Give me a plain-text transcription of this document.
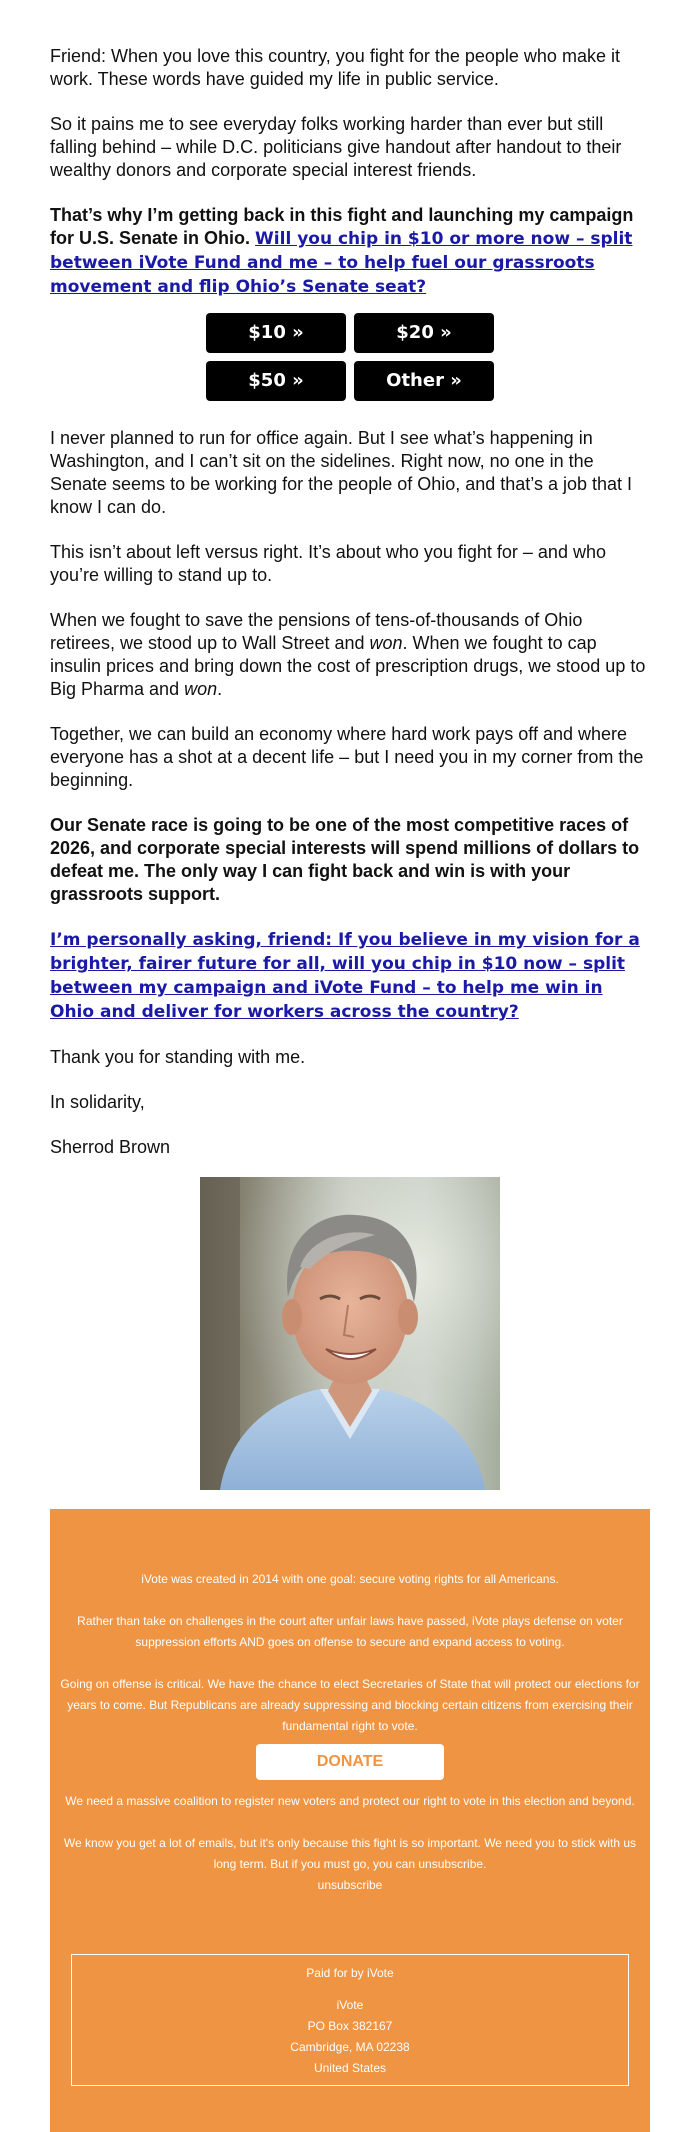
Friend: When you love this country, you fight for the people who make it work. These words have guided my life in public service.

So it pains me to see everyday folks working harder than ever but still falling behind – while D.C. politicians give handout after handout to their wealthy donors and corporate special interest friends.

That’s why I’m getting back in this fight and launching my campaign for U.S. Senate in Ohio. Will you chip in $10 or more now – split between iVote Fund and me – to help fuel our grassroots movement and flip Ohio’s Senate seat?

$10 »	$20 »
$50 »	Other »

I never planned to run for office again. But I see what’s happening in Washington, and I can’t sit on the sidelines. Right now, no one in the Senate seems to be working for the people of Ohio, and that’s a job that I know I can do.

This isn’t about left versus right. It’s about who you fight for – and who you’re willing to stand up to.

When we fought to save the pensions of tens-of-thousands of Ohio retirees, we stood up to Wall Street and won. When we fought to cap insulin prices and bring down the cost of prescription drugs, we stood up to Big Pharma and won.

Together, we can build an economy where hard work pays off and where everyone has a shot at a decent life – but I need you in my corner from the beginning.

Our Senate race is going to be one of the most competitive races of 2026, and corporate special interests will spend millions of dollars to defeat me. The only way I can fight back and win is with your grassroots support.

I’m personally asking, friend: If you believe in my vision for a brighter, fairer future for all, will you chip in $10 now – split between my campaign and iVote Fund – to help me win in Ohio and deliver for workers across the country?

Thank you for standing with me.

In solidarity,

Sherrod Brown

iVote was created in 2014 with one goal: secure voting rights for all Americans.

Rather than take on challenges in the court after unfair laws have passed, iVote plays defense on voter suppression efforts AND goes on offense to secure and expand access to voting.

Going on offense is critical. We have the chance to elect Secretaries of State that will protect our elections for years to come. But Republicans are already suppressing and blocking certain citizens from exercising their fundamental right to vote.

DONATE

We need a massive coalition to register new voters and protect our right to vote in this election and beyond.

We know you get a lot of emails, but it's only because this fight is so important. We need you to stick with us long term. But if you must go, you can unsubscribe.

unsubscribe

Paid for by iVote

iVote
PO Box 382167
Cambridge, MA 02238
United States
